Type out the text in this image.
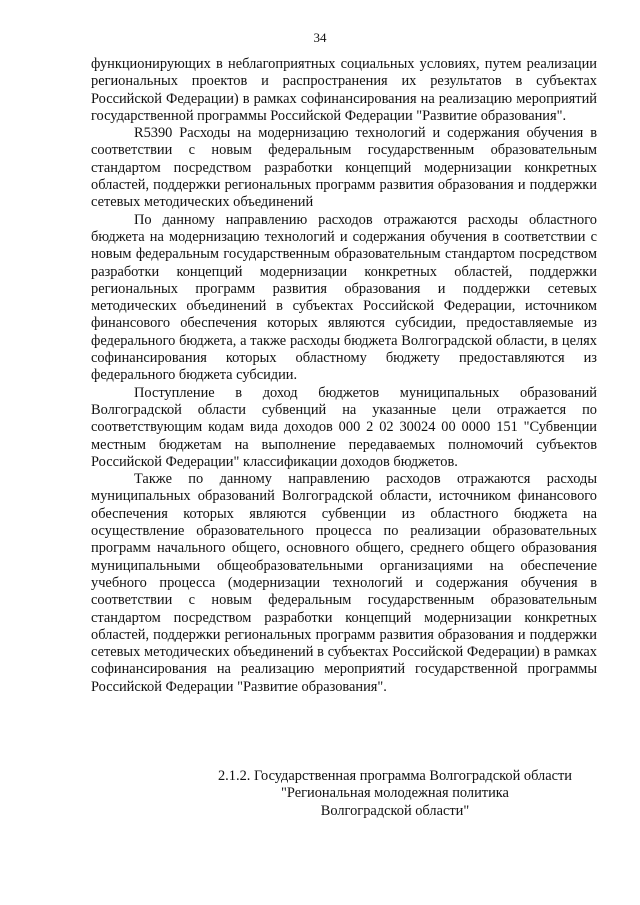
34

функционирующих в неблагоприятных социальных условиях, путем реализации региональных проектов и распространения их результатов в субъектах Российской Федерации) в рамках софинансирования на реализацию мероприятий государственной программы Российской Федерации "Развитие образования".

R5390 Расходы на модернизацию технологий и содержания обучения в соответствии с новым федеральным государственным образовательным стандартом посредством разработки концепций модернизации конкретных областей, поддержки региональных программ развития образования и поддержки сетевых методических объединений

По данному направлению расходов отражаются расходы областного бюджета на модернизацию технологий и содержания обучения в соответствии с новым федеральным государственным образовательным стандартом посредством разработки концепций модернизации конкретных областей, поддержки региональных программ развития образования и поддержки сетевых методических объединений в субъектах Российской Федерации, источником финансового обеспечения которых являются субсидии, предоставляемые из федерального бюджета, а также расходы бюджета Волгоградской области, в целях софинансирования которых областному бюджету предоставляются из федерального бюджета субсидии.

Поступление в доход бюджетов муниципальных образований Волгоградской области субвенций на указанные цели отражается по соответствующим кодам вида доходов 000 2 02 30024 00 0000 151 "Субвенции местным бюджетам на выполнение передаваемых полномочий субъектов Российской Федерации" классификации доходов бюджетов.

Также по данному направлению расходов отражаются расходы муниципальных образований Волгоградской области, источником финансового обеспечения которых являются субвенции из областного бюджета на осуществление образовательного процесса по реализации образовательных программ начального общего, основного общего, среднего общего образования муниципальными общеобразовательными организациями на обеспечение учебного процесса (модернизации технологий и содержания обучения в соответствии с новым федеральным государственным образовательным стандартом посредством разработки концепций модернизации конкретных областей, поддержки региональных программ развития образования и поддержки сетевых методических объединений в субъектах Российской Федерации) в рамках софинансирования на реализацию мероприятий государственной программы Российской Федерации "Развитие образования".

2.1.2. Государственная программа Волгоградской области
"Региональная молодежная политика
Волгоградской области"
